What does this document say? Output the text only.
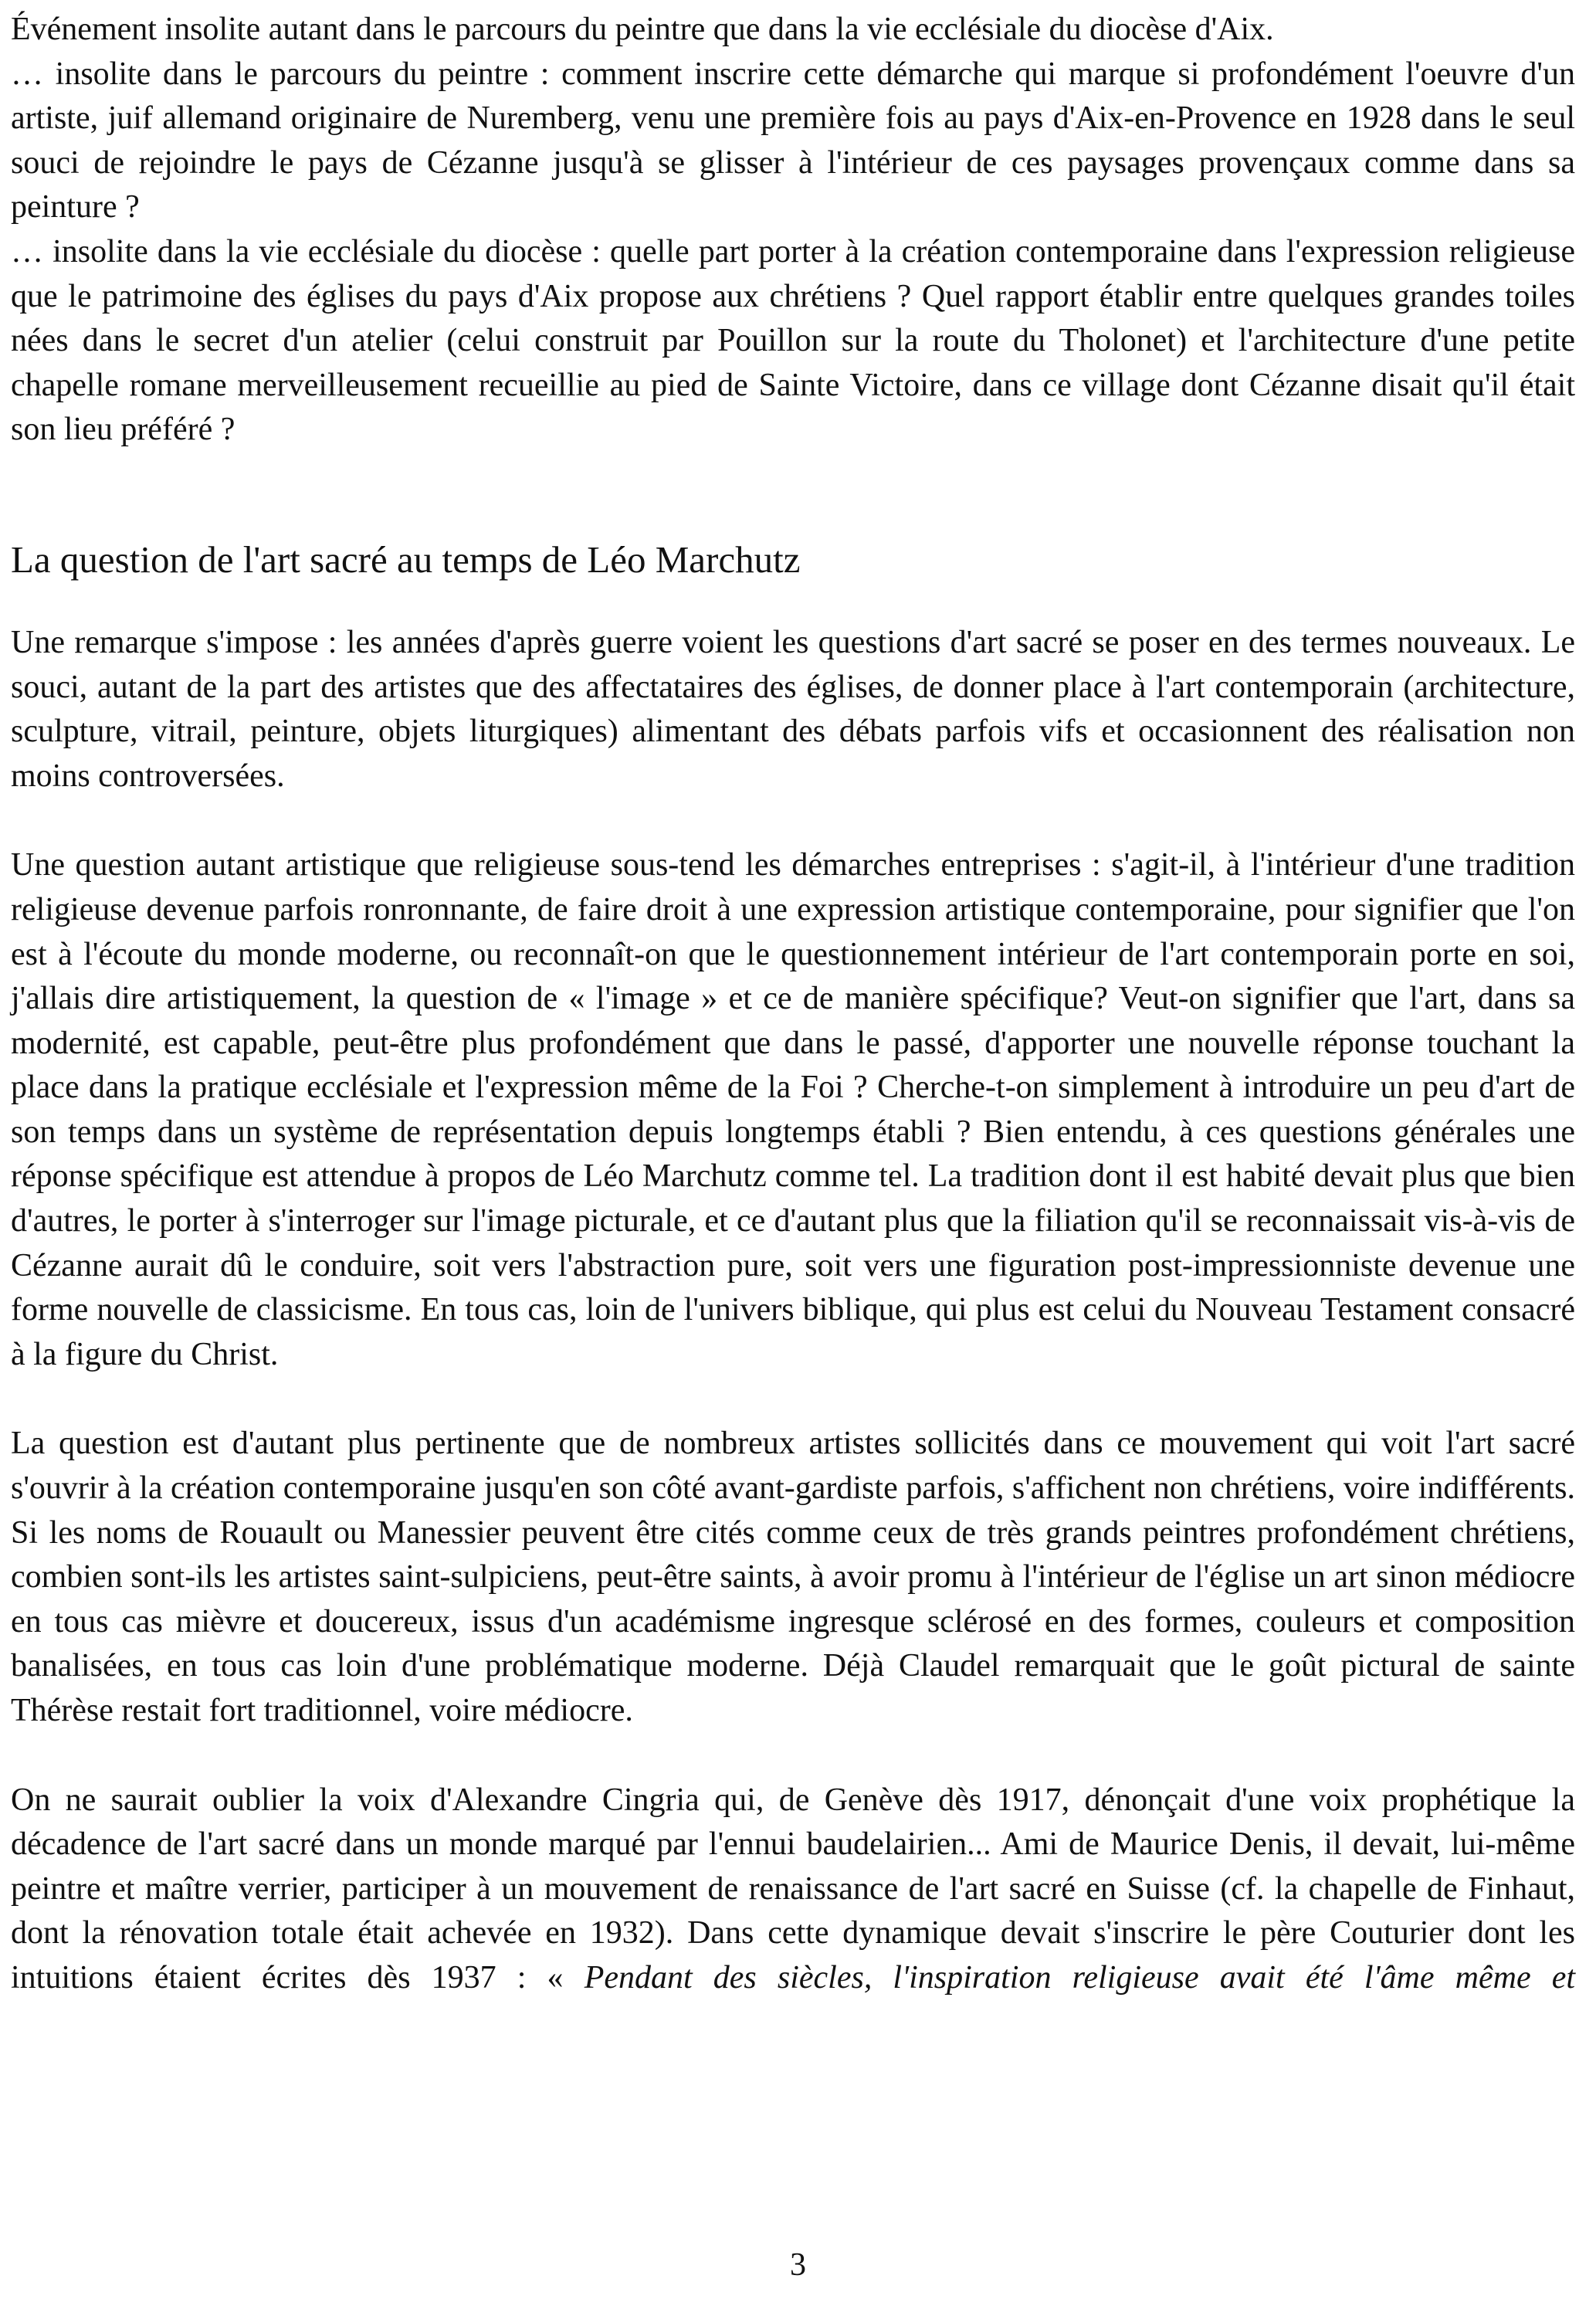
Événement insolite autant dans le parcours du peintre que dans la vie ecclésiale du diocèse d'Aix.

… insolite dans le parcours du peintre : comment inscrire cette démarche qui marque si profondément l'oeuvre d'un artiste, juif allemand originaire de Nuremberg, venu une première fois au pays d'Aix-en-Provence en 1928 dans le seul souci de rejoindre le pays de Cézanne jusqu'à se glisser à l'intérieur de ces paysages provençaux comme dans sa peinture ?

… insolite dans la vie ecclésiale du diocèse : quelle part porter à la création contemporaine dans l'expression religieuse que le patrimoine des églises du pays d'Aix propose aux chrétiens ? Quel rapport établir entre quelques grandes toiles nées dans le secret d'un atelier (celui construit par Pouillon sur la route du Tholonet) et l'architecture d'une petite chapelle romane merveilleusement recueillie au pied de Sainte Victoire, dans ce village dont Cézanne disait qu'il était son lieu préféré ?

La question de l'art sacré au temps de Léo Marchutz

Une remarque s'impose : les années d'après guerre voient les questions d'art sacré se poser en des termes nouveaux. Le souci, autant de la part des artistes que des affectataires des églises, de donner place à l'art contemporain (architecture, sculpture, vitrail, peinture, objets liturgiques) alimentant des débats parfois vifs et occasionnent des réalisation non moins controversées.

Une question autant artistique que religieuse sous-tend les démarches entreprises : s'agit-il, à l'intérieur d'une tradition religieuse devenue parfois ronronnante, de faire droit à une expression artistique contemporaine, pour signifier que l'on est à l'écoute du monde moderne, ou reconnaît-on que le questionnement intérieur de l'art contemporain porte en soi, j'allais dire artistiquement, la question de « l'image » et ce de manière spécifique? Veut-on signifier que l'art, dans sa modernité, est capable, peut-être plus profondément que dans le passé, d'apporter une nouvelle réponse touchant la place dans la pratique ecclésiale et l'expression même de la Foi ? Cherche-t-on simplement à introduire un peu d'art de son temps dans un système de représentation depuis longtemps établi ? Bien entendu, à ces questions générales une réponse spécifique est attendue à propos de Léo Marchutz comme tel. La tradition dont il est habité devait plus que bien d'autres, le porter à s'interroger sur l'image picturale, et ce d'autant plus que la filiation qu'il se reconnaissait vis-à-vis de Cézanne aurait dû le conduire, soit vers l'abstraction pure, soit vers une figuration post-impressionniste devenue une forme nouvelle de classicisme. En tous cas, loin de l'univers biblique, qui plus est celui du Nouveau Testament consacré à la figure du Christ.

La question est d'autant plus pertinente que de nombreux artistes sollicités dans ce mouvement qui voit l'art sacré s'ouvrir à la création contemporaine jusqu'en son côté avant-gardiste parfois, s'affichent non chrétiens, voire indifférents. Si les noms de Rouault ou Manessier peuvent être cités comme ceux de très grands peintres profondément chrétiens, combien sont-ils les artistes saint-sulpiciens, peut-être saints, à avoir promu à l'intérieur de l'église un art sinon médiocre en tous cas mièvre et doucereux, issus d'un académisme ingresque sclérosé en des formes, couleurs et composition banalisées, en tous cas loin d'une problématique moderne. Déjà Claudel remarquait que le goût pictural de sainte Thérèse restait fort traditionnel, voire médiocre.

On ne saurait oublier la voix d'Alexandre Cingria qui, de Genève dès 1917, dénonçait d'une voix prophétique la décadence de l'art sacré dans un monde marqué par l'ennui baudelairien... Ami de Maurice Denis, il devait, lui-même peintre et maître verrier, participer à un mouvement de renaissance de l'art sacré en Suisse (cf. la chapelle de Finhaut, dont la rénovation totale était achevée en 1932). Dans cette dynamique devait s'inscrire le père Couturier dont les intuitions étaient écrites dès 1937 : « Pendant des siècles, l'inspiration religieuse avait été l'âme même et

3
